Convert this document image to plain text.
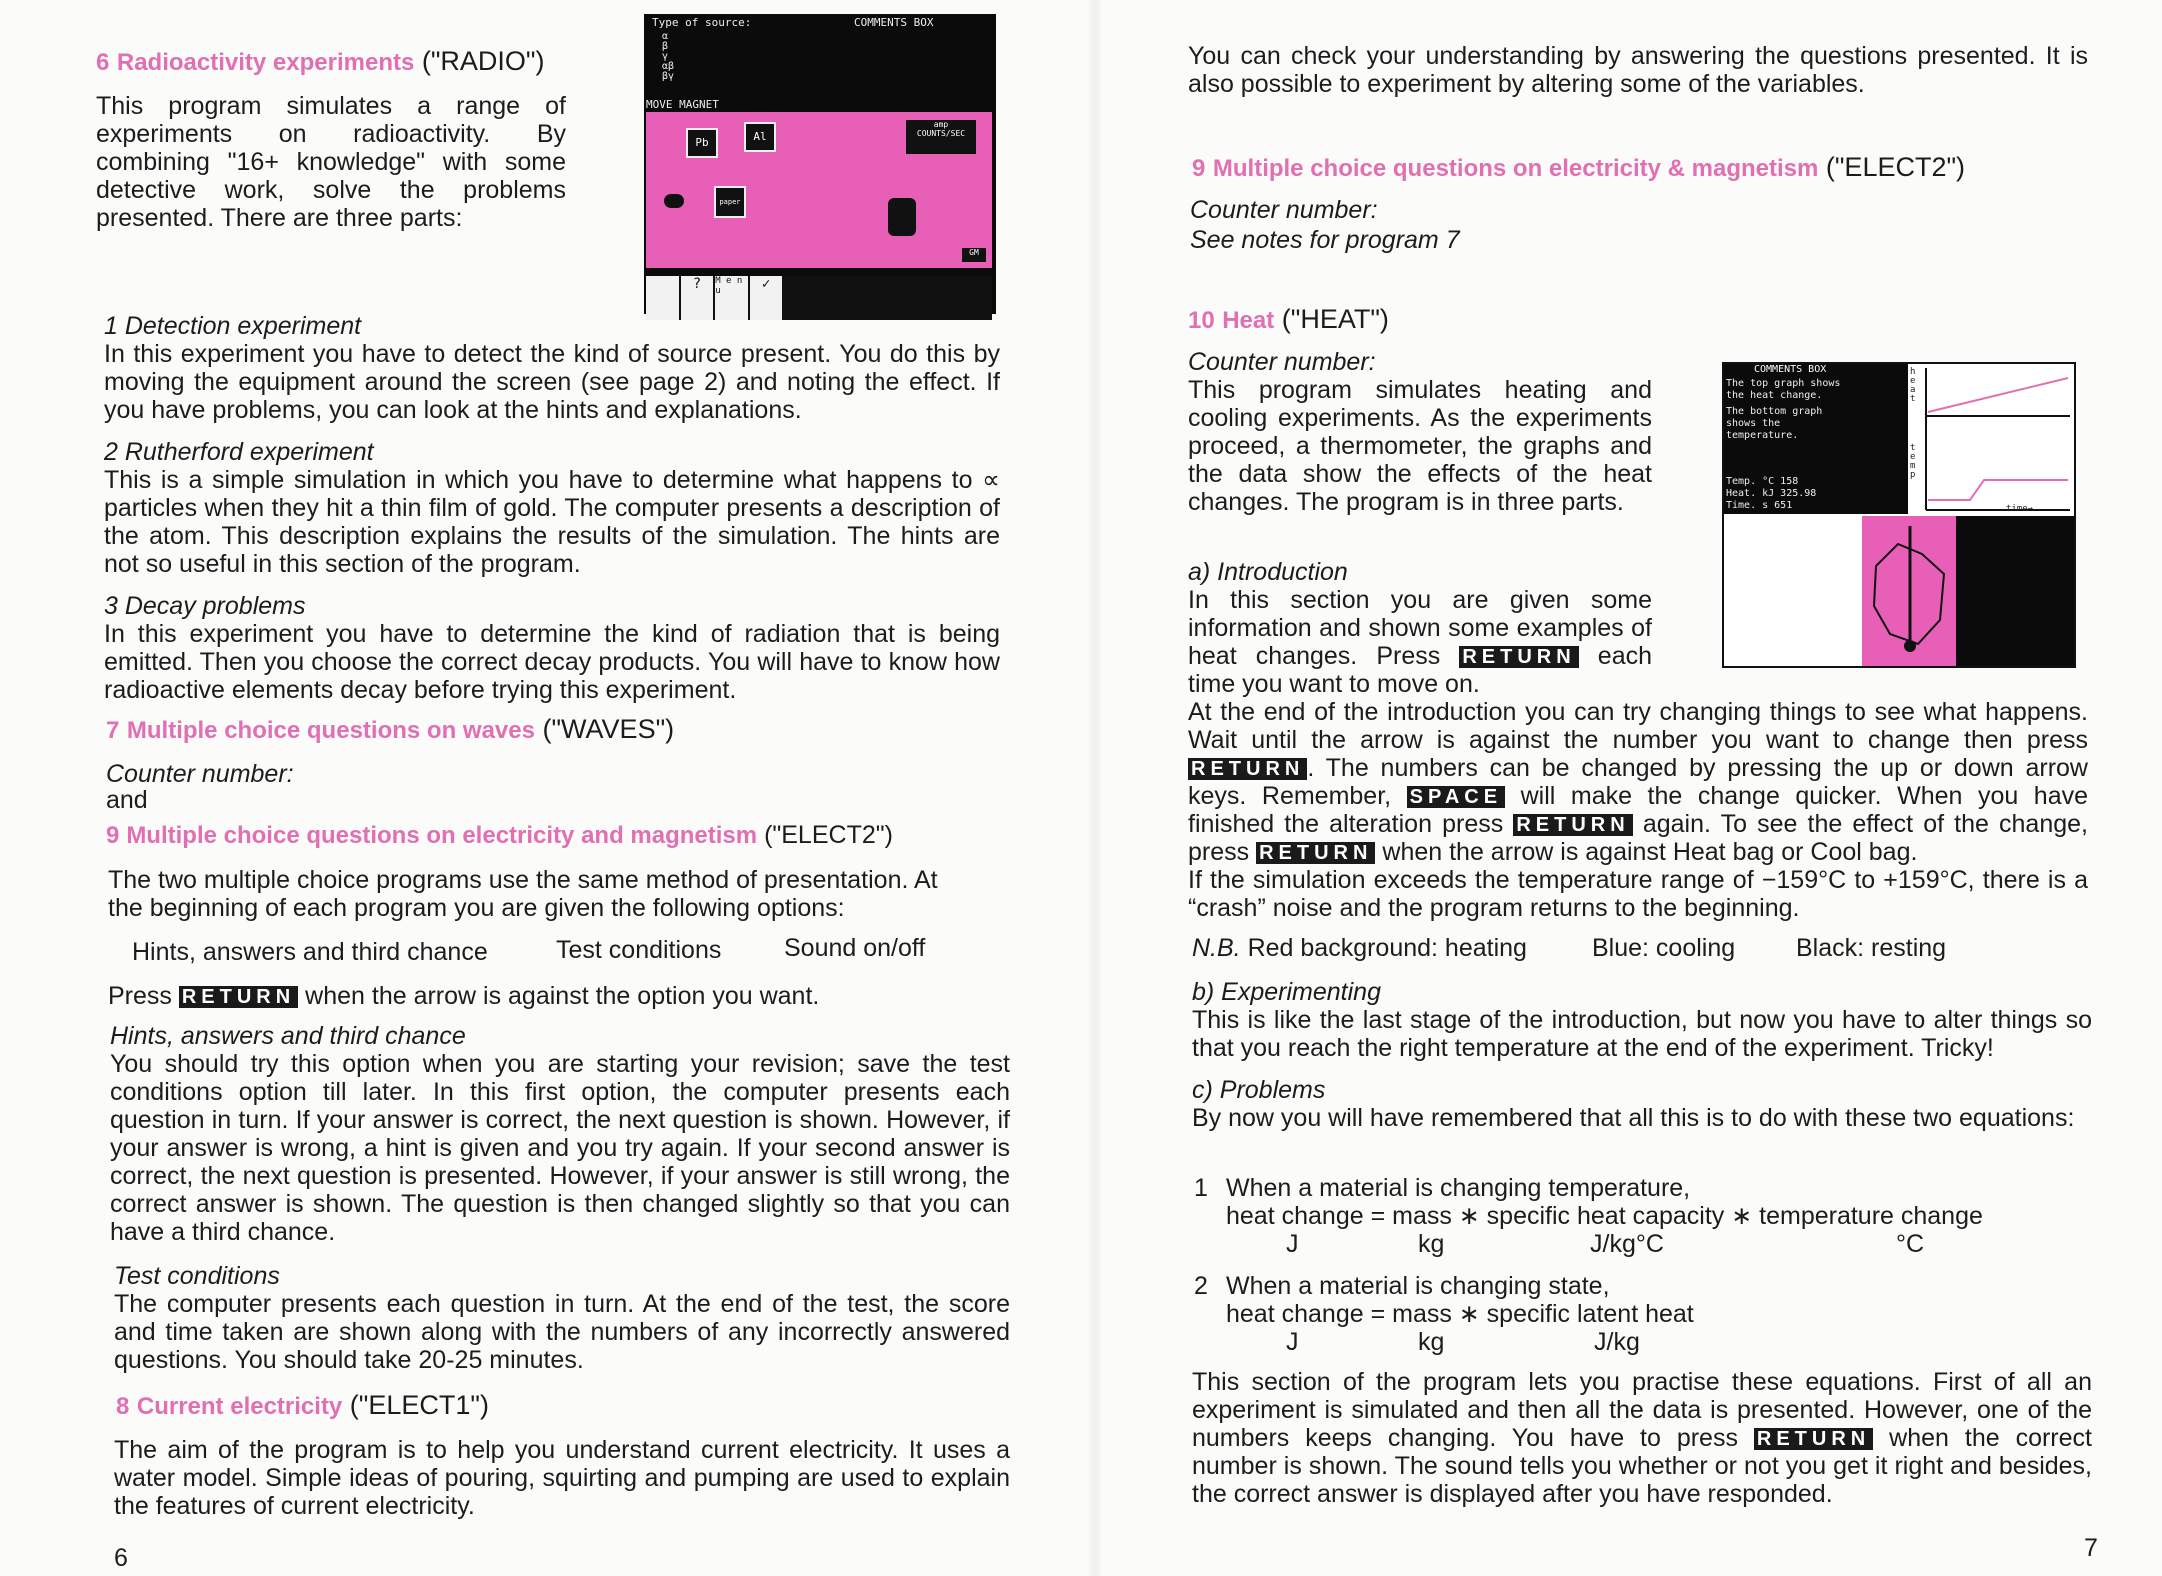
6 Radioactivity experiments ("RADIO")

This program simulates a range of experiments on radioactivity. By combining "16+ knowledge" with some detective work, solve the problems presented. There are three parts:

Type of source:	COMMENTS BOX
α
β
γ
αβ
βγ
MOVE MAGNET
Pb	Al
amp
COUNTS/SEC
paper
GM
?	M e n u	✓

1 Detection experiment

In this experiment you have to detect the kind of source present. You do this by moving the equipment around the screen (see page 2) and noting the effect. If you have problems, you can look at the hints and explanations.

2 Rutherford experiment

This is a simple simulation in which you have to determine what happens to ∝ particles when they hit a thin film of gold. The computer presents a description of the atom. This description explains the results of the simulation. The hints are not so useful in this section of the program.

3 Decay problems

In this experiment you have to determine the kind of radiation that is being emitted. Then you choose the correct decay products. You will have to know how radioactive elements decay before trying this experiment.

7 Multiple choice questions on waves ("WAVES")

Counter number:

and

9 Multiple choice questions on electricity and magnetism ("ELECT2")

The two multiple choice programs use the same method of presentation. At the beginning of each program you are given the following options:

Hints, answers and third chance	Test conditions	Sound on/off
Press RETURN when the arrow is against the option you want.

Hints, answers and third chance

You should try this option when you are starting your revision; save the test conditions option till later. In this first option, the computer presents each question in turn. If your answer is correct, the next question is shown. However, if your answer is wrong, a hint is given and you try again. If your second answer is correct, the next question is presented. However, if your answer is still wrong, the correct answer is shown. The question is then changed slightly so that you can have a third chance.

Test conditions

The computer presents each question in turn. At the end of the test, the score and time taken are shown along with the numbers of any incorrectly answered questions. You should take 20-25 minutes.

8 Current electricity ("ELECT1")

The aim of the program is to help you understand current electricity. It uses a water model. Simple ideas of pouring, squirting and pumping are used to explain the features of current electricity.

6

You can check your understanding by answering the questions presented. It is also possible to experiment by altering some of the variables.

9 Multiple choice questions on electricity & magnetism ("ELECT2")

Counter number:

See notes for program 7

10 Heat ("HEAT")

Counter number:

This program simulates heating and cooling experiments. As the experiments proceed, a thermometer, the graphs and the data show the effects of the heat changes. The program is in three parts.

COMMENTS BOX
The top graph shows
the heat change.
The bottom graph
shows the
temperature.
Temp. °C 158
Heat. kJ 325.98
Time. s 651
heat
temp
time→

a) Introduction

In this section you are given some information and shown some examples of heat changes. Press RETURN each time you want to move on.
At the end of the introduction you can try changing things to see what happens. Wait until the arrow is against the number you want to change then press RETURN . The numbers can be changed by pressing the up or down arrow keys. Remember, SPACE will make the change quicker. When you have finished the alteration press RETURN again. To see the effect of the change, press RETURN when the arrow is against Heat bag or Cool bag.

If the simulation exceeds the temperature range of −159°C to +159°C, there is a “crash” noise and the program returns to the beginning.

N.B. Red background: heating	Blue: cooling Black: resting

b) Experimenting

This is like the last stage of the introduction, but now you have to alter things so that you reach the right temperature at the end of the experiment. Tricky!

c) Problems

By now you will have remembered that all this is to do with these two equations:

1 When a material is changing temperature,
heat change = mass ∗ specific heat capacity ∗ temperature change
J	kg	J/kg°C	°C
2 When a material is changing state,
heat change = mass ∗ specific latent heat
J	kg	J/kg
This section of the program lets you practise these equations. First of all an experiment is simulated and then all the data is presented. However, one of the numbers keeps changing. You have to press RETURN when the correct number is shown. The sound tells you whether or not you get it right and besides, the correct answer is displayed after you have responded.
7
